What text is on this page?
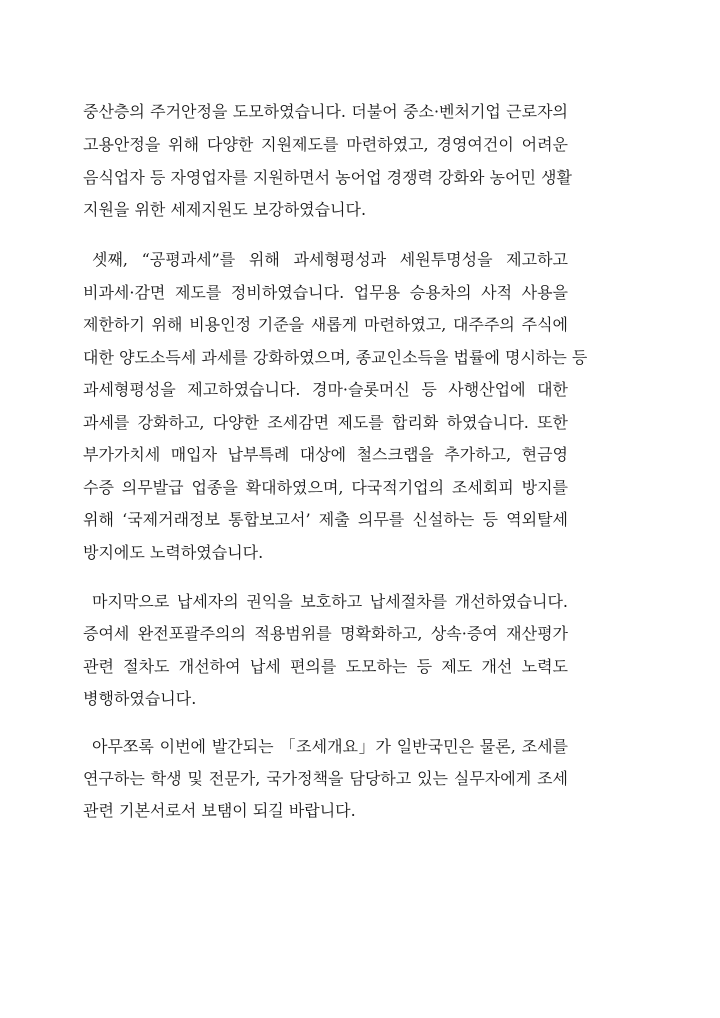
중산층의 주거안정을 도모하였습니다. 더불어 중소·벤처기업 근로자의
고용안정을 위해 다양한 지원제도를 마련하였고, 경영여건이 어려운
음식업자 등 자영업자를 지원하면서 농어업 경쟁력 강화와 농어민 생활
지원을 위한 세제지원도 보강하였습니다.
셋째, “공평과세”를 위해 과세형평성과 세원투명성을 제고하고
비과세·감면 제도를 정비하였습니다. 업무용 승용차의 사적 사용을
제한하기 위해 비용인정 기준을 새롭게 마련하였고, 대주주의 주식에
대한 양도소득세 과세를 강화하였으며, 종교인소득을 법률에 명시하는 등
과세형평성을 제고하였습니다. 경마·슬롯머신 등 사행산업에 대한
과세를 강화하고, 다양한 조세감면 제도를 합리화 하였습니다. 또한
부가가치세 매입자 납부특례 대상에 철스크랩을 추가하고, 현금영
수증 의무발급 업종을 확대하였으며, 다국적기업의 조세회피 방지를
위해 ‘국제거래정보 통합보고서’ 제출 의무를 신설하는 등 역외탈세
방지에도 노력하였습니다.
마지막으로 납세자의 권익을 보호하고 납세절차를 개선하였습니다.
증여세 완전포괄주의의 적용범위를 명확화하고, 상속·증여 재산평가
관련 절차도 개선하여 납세 편의를 도모하는 등 제도 개선 노력도
병행하였습니다.
아무쪼록 이번에 발간되는 「조세개요」가 일반국민은 물론, 조세를
연구하는 학생 및 전문가, 국가정책을 담당하고 있는 실무자에게 조세
관련 기본서로서 보탬이 되길 바랍니다.
